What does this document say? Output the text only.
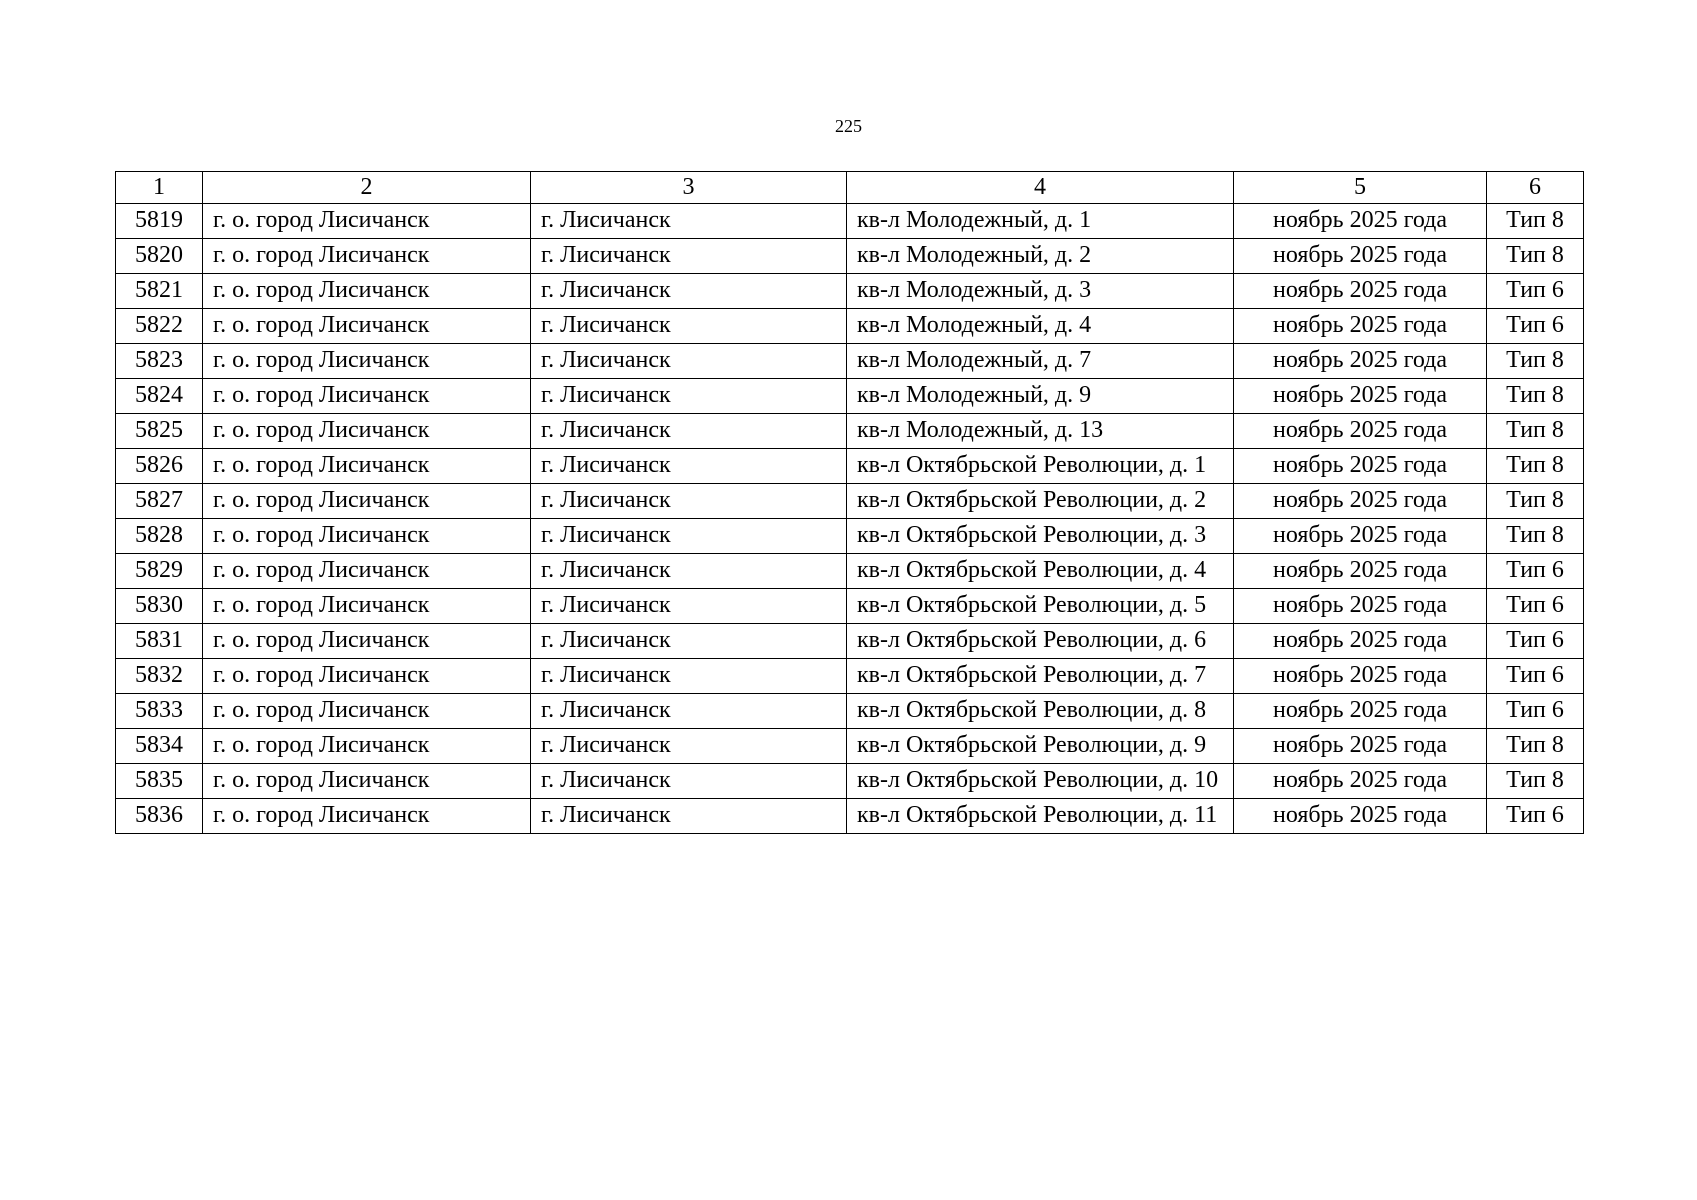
225
1	2	3	4	5	6
5819	г. о. город Лисичанск	г. Лисичанск	кв-л Молодежный, д. 1	ноябрь 2025 года	Тип 8
5820	г. о. город Лисичанск	г. Лисичанск	кв-л Молодежный, д. 2	ноябрь 2025 года	Тип 8
5821	г. о. город Лисичанск	г. Лисичанск	кв-л Молодежный, д. 3	ноябрь 2025 года	Тип 6
5822	г. о. город Лисичанск	г. Лисичанск	кв-л Молодежный, д. 4	ноябрь 2025 года	Тип 6
5823	г. о. город Лисичанск	г. Лисичанск	кв-л Молодежный, д. 7	ноябрь 2025 года	Тип 8
5824	г. о. город Лисичанск	г. Лисичанск	кв-л Молодежный, д. 9	ноябрь 2025 года	Тип 8
5825	г. о. город Лисичанск	г. Лисичанск	кв-л Молодежный, д. 13	ноябрь 2025 года	Тип 8
5826	г. о. город Лисичанск	г. Лисичанск	кв-л Октябрьской Революции, д. 1	ноябрь 2025 года	Тип 8
5827	г. о. город Лисичанск	г. Лисичанск	кв-л Октябрьской Революции, д. 2	ноябрь 2025 года	Тип 8
5828	г. о. город Лисичанск	г. Лисичанск	кв-л Октябрьской Революции, д. 3	ноябрь 2025 года	Тип 8
5829	г. о. город Лисичанск	г. Лисичанск	кв-л Октябрьской Революции, д. 4	ноябрь 2025 года	Тип 6
5830	г. о. город Лисичанск	г. Лисичанск	кв-л Октябрьской Революции, д. 5	ноябрь 2025 года	Тип 6
5831	г. о. город Лисичанск	г. Лисичанск	кв-л Октябрьской Революции, д. 6	ноябрь 2025 года	Тип 6
5832	г. о. город Лисичанск	г. Лисичанск	кв-л Октябрьской Революции, д. 7	ноябрь 2025 года	Тип 6
5833	г. о. город Лисичанск	г. Лисичанск	кв-л Октябрьской Революции, д. 8	ноябрь 2025 года	Тип 6
5834	г. о. город Лисичанск	г. Лисичанск	кв-л Октябрьской Революции, д. 9	ноябрь 2025 года	Тип 8
5835	г. о. город Лисичанск	г. Лисичанск	кв-л Октябрьской Революции, д. 10	ноябрь 2025 года	Тип 8
5836	г. о. город Лисичанск	г. Лисичанск	кв-л Октябрьской Революции, д. 11	ноябрь 2025 года	Тип 6
